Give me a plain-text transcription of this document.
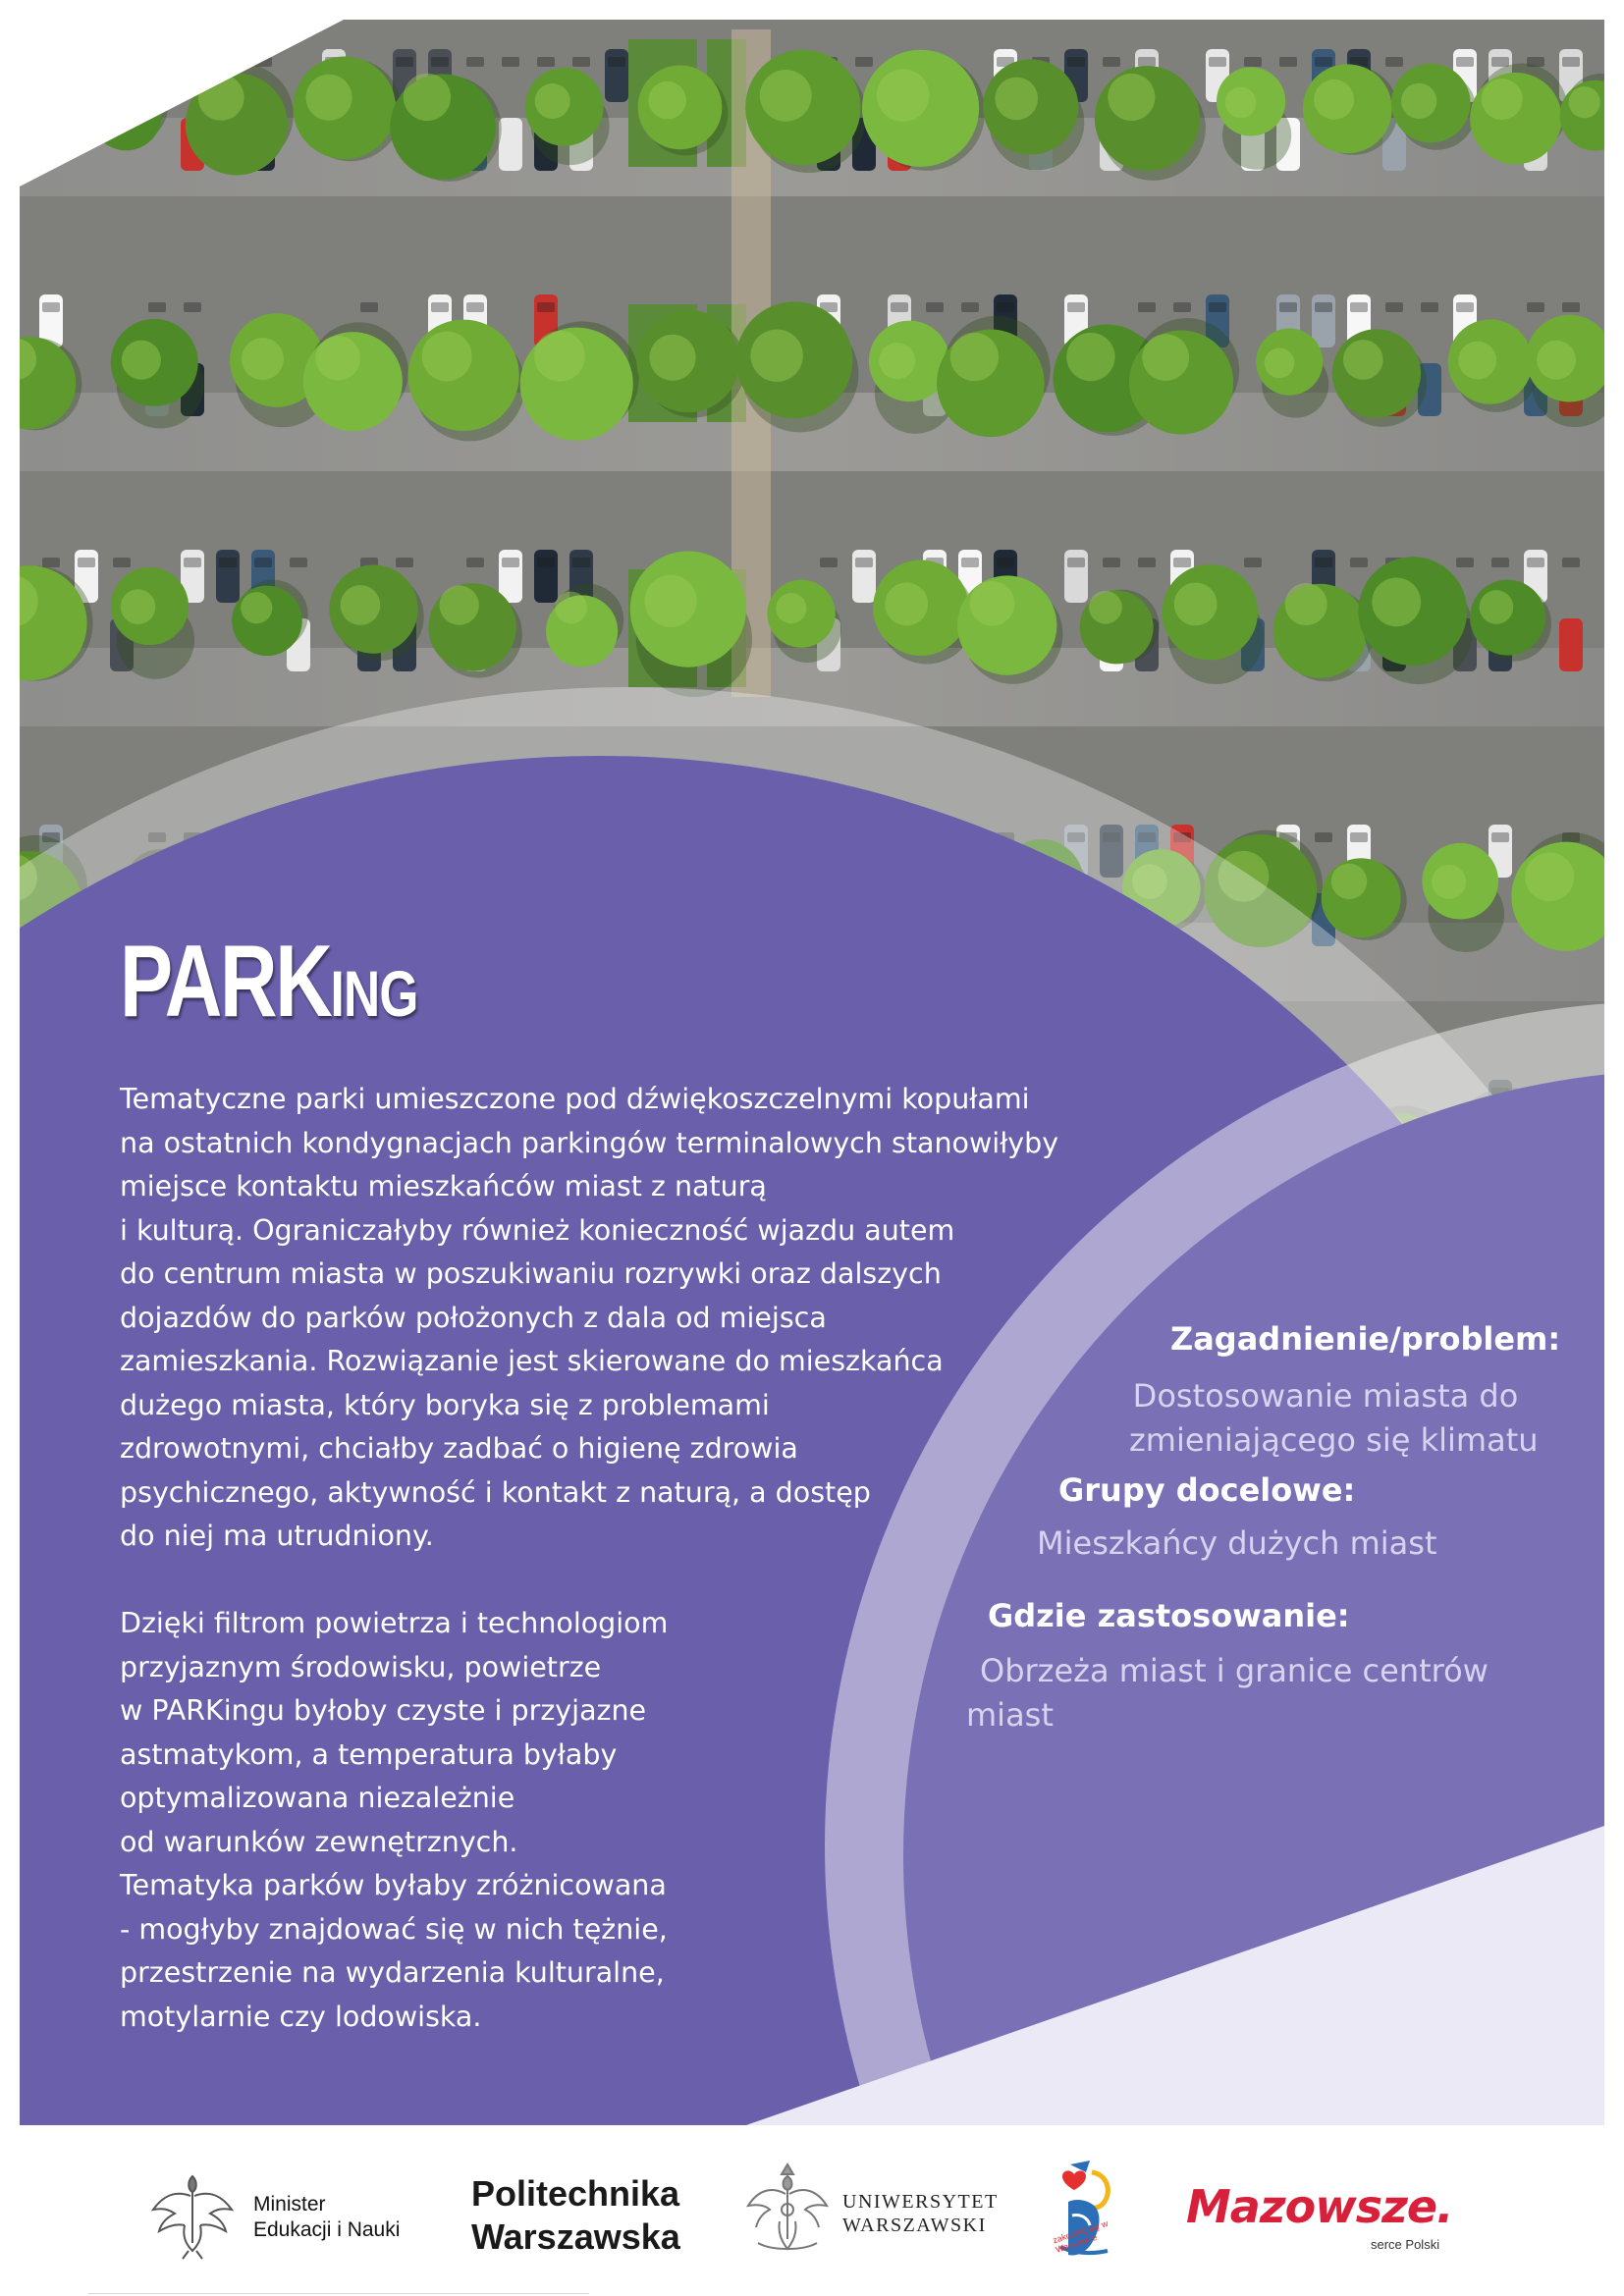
PARKING
Tematyczne parki umieszczone pod dźwiękoszczelnymi kopułami
na ostatnich kondygnacjach parkingów terminalowych stanowiłyby
miejsce kontaktu mieszkańców miast z naturą
i kulturą. Ograniczałyby również konieczność wjazdu autem
do centrum miasta w poszukiwaniu rozrywki oraz dalszych
dojazdów do parków położonych z dala od miejsca
zamieszkania. Rozwiązanie jest skierowane do mieszkańca
dużego miasta, który boryka się z problemami
zdrowotnymi, chciałby zadbać o higienę zdrowia
psychicznego, aktywność i kontakt z naturą, a dostęp
do niej ma utrudniony.
Dzięki filtrom powietrza i technologiom
przyjaznym środowisku, powietrze
w PARKingu byłoby czyste i przyjazne
astmatykom, a temperatura byłaby
optymalizowana niezależnie
od warunków zewnętrznych.
Tematyka parków byłaby zróżnicowana
- mogłyby znajdować się w nich tężnie,
przestrzenie na wydarzenia kulturalne,
motylarnie czy lodowiska.
Zagadnienie/problem:
Dostosowanie miasta do
zmieniającego się klimatu
Grupy docelowe:
Mieszkańcy dużych miast
Gdzie zastosowanie:
Obrzeża miast i granice centrów
miast
Minister
Edukacji i Nauki
Politechnika
Warszawska
UNIWERSYTET
WARSZAWSKI	zakochaj się w Warszawie
Mazowsze.
serce Polski
